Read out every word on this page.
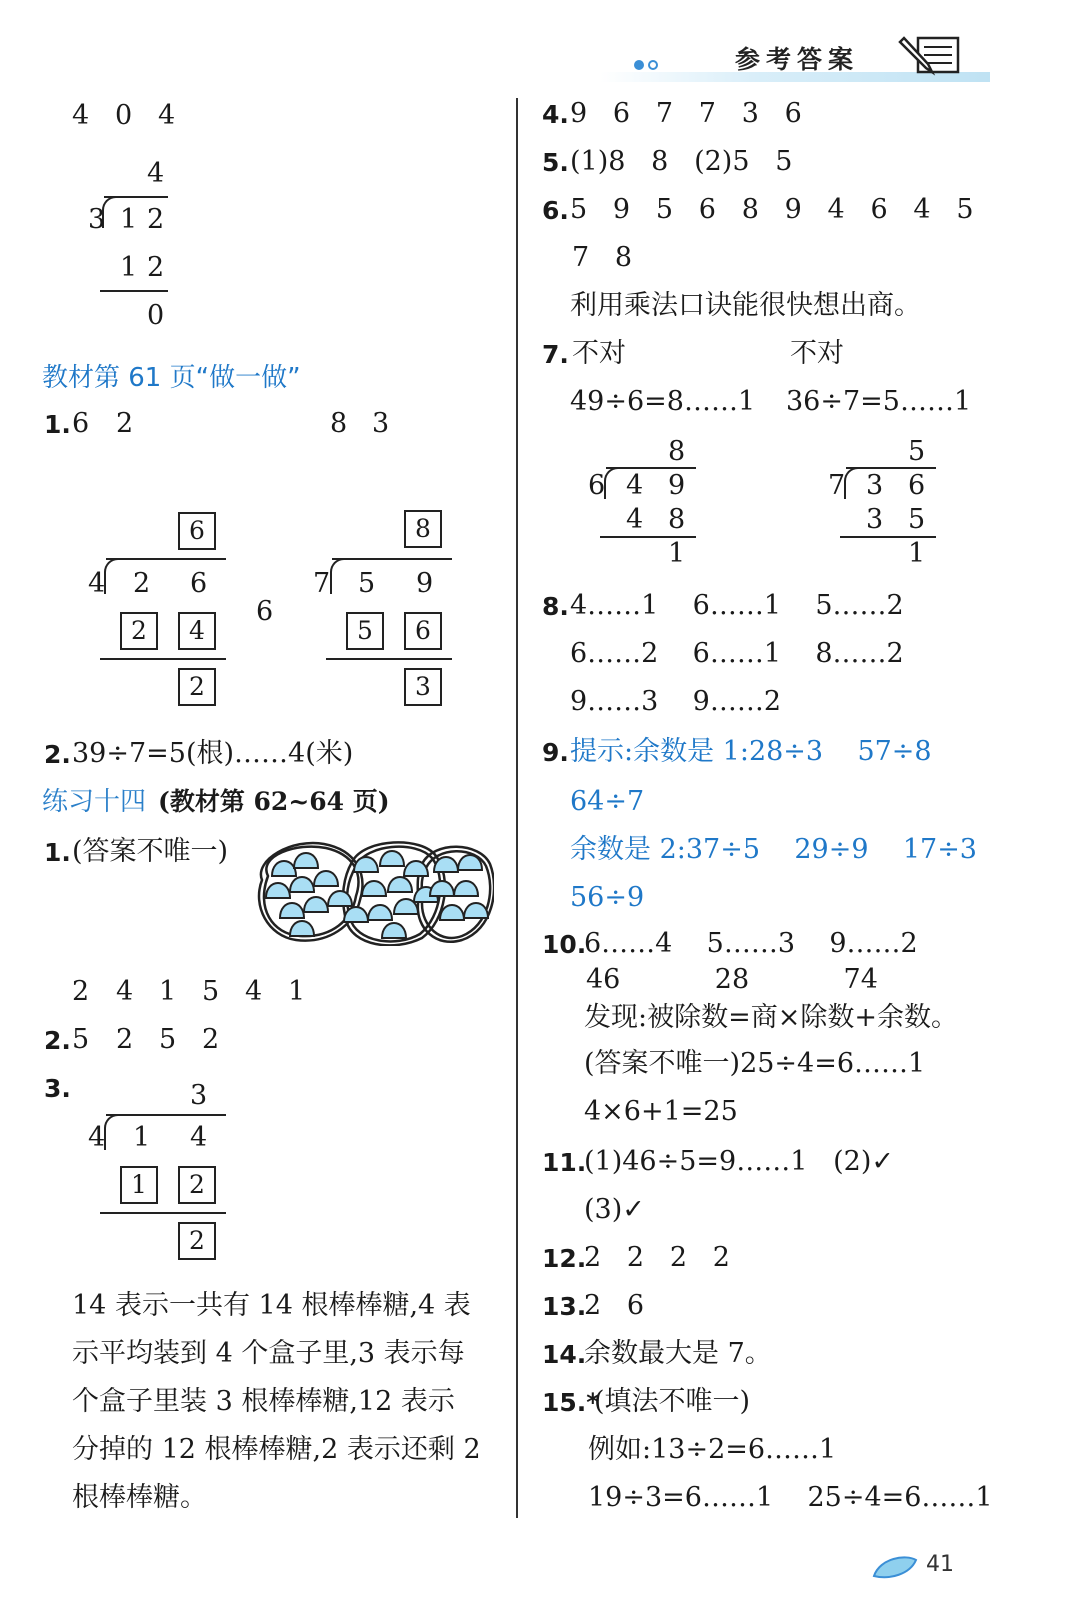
参考答案
4 0 4
4
3 1 2
1 2
0
教材第 61 页“做一做”
1. 6 2	8 3
6
4 2 6
2	4
2
6
8
7 5 9
5	6
3
2. 39÷7=5(根)……4(米)
练习十四 (教材第 62~64 页)
1. (答案不唯一)
2 4 1 5 4 1
2. 5 2 5 2
3.	3
4 1 4
1	2
2
14 表示一共有 14 根棒棒糖,4 表
示平均装到 4 个盒子里,3 表示每
个盒子里装 3 根棒棒糖,12 表示
分掉的 12 根棒棒糖,2 表示还剩 2
根棒棒糖。
4. 9   6   7   7   3   6
5. (1)8   8   (2)5   5
6. 5   9   5   6   8   9   4   6   4   5
7   8
利用乘法口诀能很快想出商。
7. 不对	不对
49÷6=8……1 36÷7=5……1
8
6 4 9
4 8
1
5
7 3 6
3 5
1
8. 4……1    6……1    5……2
6……2    6……1    8……2
9……3    9……2
9. 提示:余数是 1:28÷3    57÷8
64÷7
余数是 2:37÷5    29÷9    17÷3
56÷9
10.
6……4    5……3    9……2
46           28           74
发现:被除数=商×除数+余数。
(答案不唯一)25÷4=6……1
4×6+1=25
11.
(1)46÷5=9……1   (2)✓
(3)✓
12.
2   2   2   2
13.
2   6
14.
余数最大是 7。
15.*
(填法不唯一)
例如:13÷2=6……1
19÷3=6……1    25÷4=6……1
41
